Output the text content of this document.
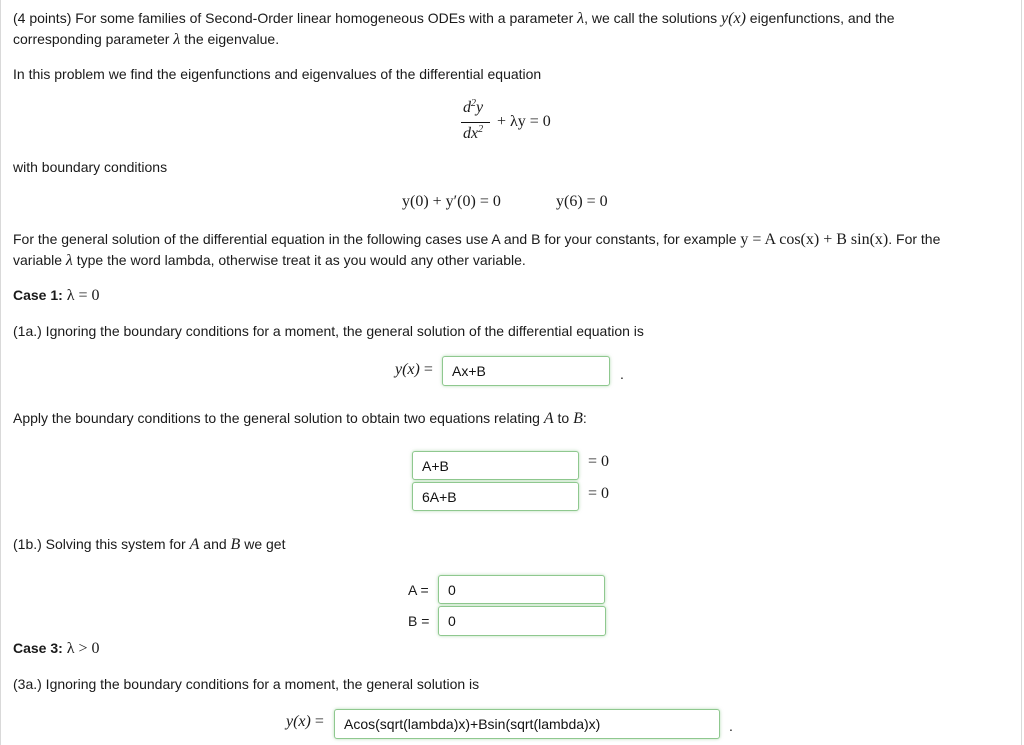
(4 points) For some families of Second-Order linear homogeneous ODEs with a parameter λ, we call the solutions y(x) eigenfunctions, and the
corresponding parameter λ the eigenvalue.
In this problem we find the eigenfunctions and eigenvalues of the differential equation
$d^2y$
$dx^2 + \lambda y = 0$
with boundary conditions
y(0) + y′(0) = 0	y(6) = 0
For the general solution of the differential equation in the following cases use A and B for your constants, for example y = A cos(x) + B sin(x). For the
variable λ type the word lambda, otherwise treat it as you would any other variable.
Case 1: λ = 0
(1a.) Ignoring the boundary conditions for a moment, the general solution of the differential equation is
y(x) =	Ax+B	.
Apply the boundary conditions to the general solution to obtain two equations relating A to B:
A+B	= 0
6A+B	= 0
(1b.) Solving this system for A and B we get
A =	0
B =	0
Case 3: λ > 0
(3a.) Ignoring the boundary conditions for a moment, the general solution is
y(x) =	Acos(sqrt(lambda)x)+Bsin(sqrt(lambda)x)	.
